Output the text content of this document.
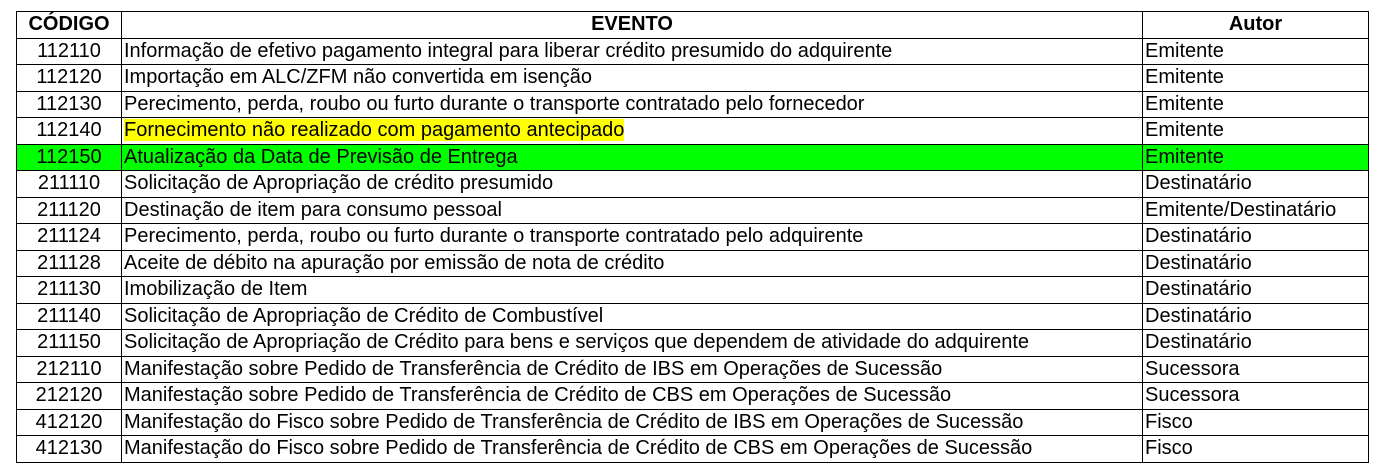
CÓDIGO	EVENTO	Autor
112110	Informação de efetivo pagamento integral para liberar crédito presumido do adquirente	Emitente
112120	Importação em ALC/ZFM não convertida em isenção	Emitente
112130	Perecimento, perda, roubo ou furto durante o transporte contratado pelo fornecedor	Emitente
112140	Fornecimento não realizado com pagamento antecipado	Emitente
112150	Atualização da Data de Previsão de Entrega	Emitente
211110	Solicitação de Apropriação de crédito presumido	Destinatário
211120	Destinação de item para consumo pessoal	Emitente/Destinatário
211124	Perecimento, perda, roubo ou furto durante o transporte contratado pelo adquirente	Destinatário
211128	Aceite de débito na apuração por emissão de nota de crédito	Destinatário
211130	Imobilização de Item	Destinatário
211140	Solicitação de Apropriação de Crédito de Combustível	Destinatário
211150	Solicitação de Apropriação de Crédito para bens e serviços que dependem de atividade do adquirente	Destinatário
212110	Manifestação sobre Pedido de Transferência de Crédito de IBS em Operações de Sucessão	Sucessora
212120	Manifestação sobre Pedido de Transferência de Crédito de CBS em Operações de Sucessão	Sucessora
412120	Manifestação do Fisco sobre Pedido de Transferência de Crédito de IBS em Operações de Sucessão	Fisco
412130	Manifestação do Fisco sobre Pedido de Transferência de Crédito de CBS em Operações de Sucessão	Fisco
